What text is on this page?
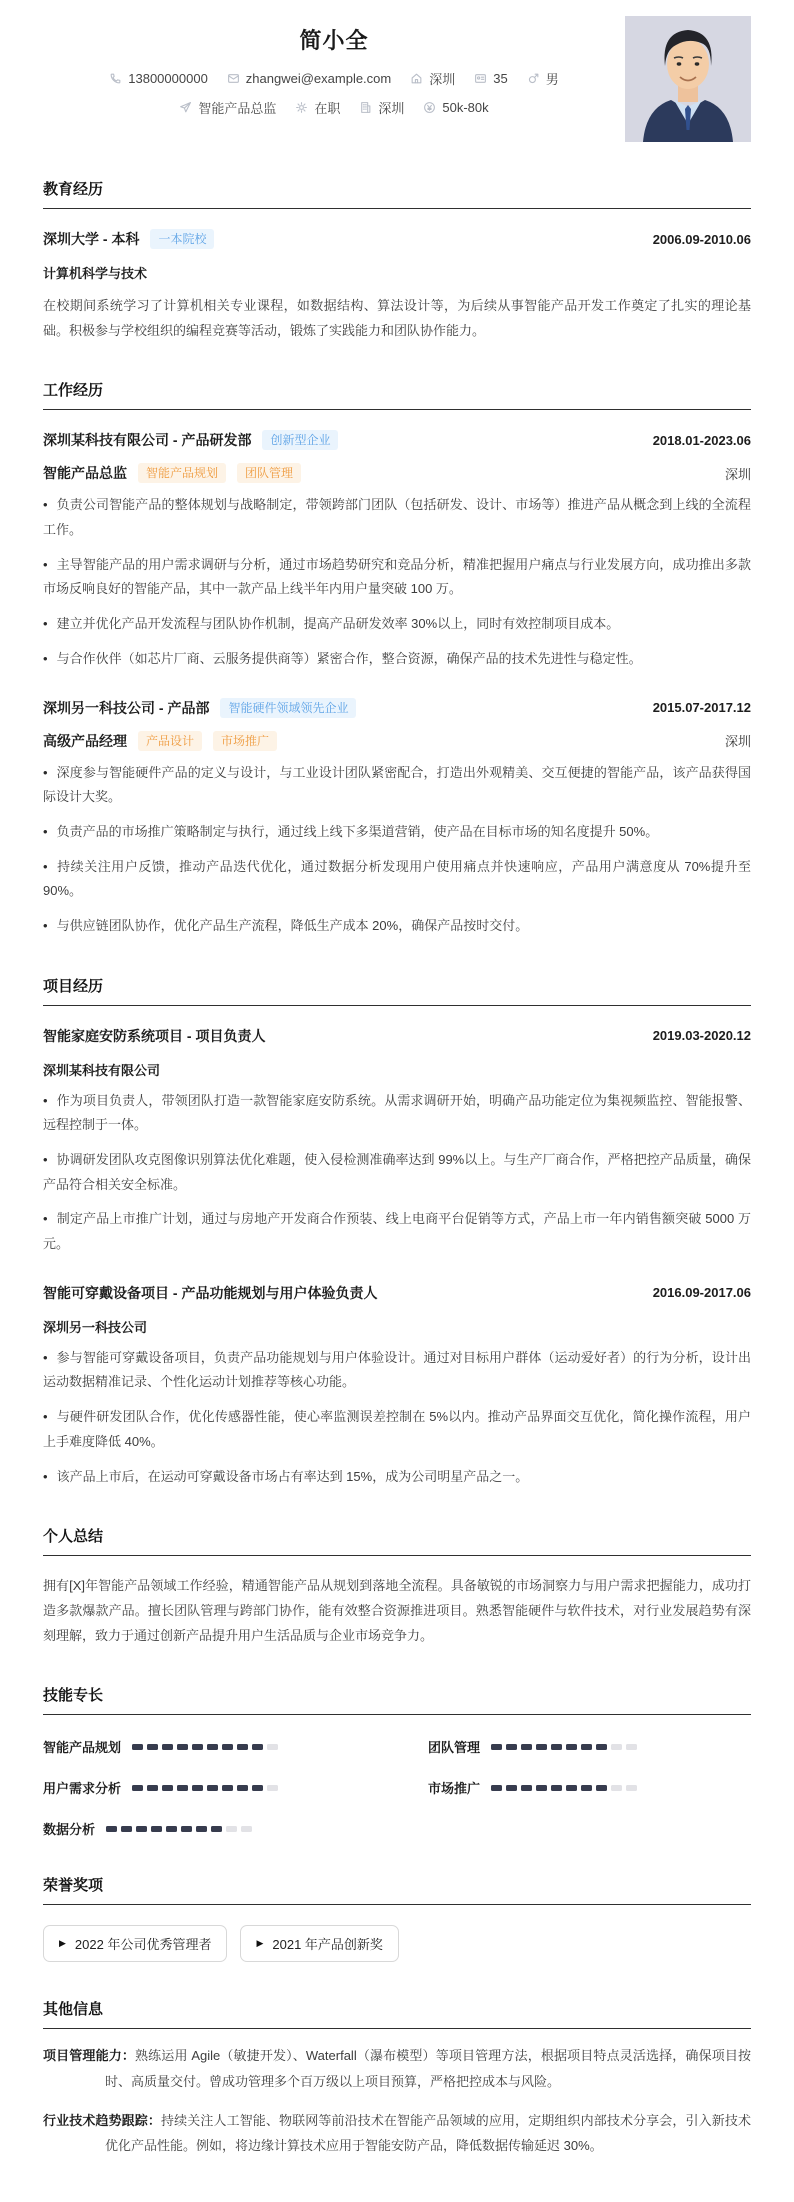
简小全
13800000000	zhangwei@example.com	深圳	35	男
智能产品总监	在职	深圳	50k-80k
教育经历
深圳大学 - 本科	一本院校	2006.09-2010.06
计算机科学与技术

在校期间系统学习了计算机相关专业课程，如数据结构、算法设计等，为后续从事智能产品开发工作奠定了扎实的理论基础。积极参与学校组织的编程竞赛等活动，锻炼了实践能力和团队协作能力。

工作经历
深圳某科技有限公司 - 产品研发部	创新型企业	2018.01-2023.06
智能产品总监	智能产品规划	团队管理	深圳

• 负责公司智能产品的整体规划与战略制定，带领跨部门团队（包括研发、设计、市场等）推进产品从概念到上线的全流程工作。

• 主导智能产品的用户需求调研与分析，通过市场趋势研究和竞品分析，精准把握用户痛点与行业发展方向，成功推出多款市场反响良好的智能产品，其中一款产品上线半年内用户量突破 100 万。

• 建立并优化产品开发流程与团队协作机制，提高产品研发效率 30%以上，同时有效控制项目成本。

• 与合作伙伴（如芯片厂商、云服务提供商等）紧密合作，整合资源，确保产品的技术先进性与稳定性。

深圳另一科技公司 - 产品部	智能硬件领域领先企业	2015.07-2017.12
高级产品经理	产品设计	市场推广	深圳

• 深度参与智能硬件产品的定义与设计，与工业设计团队紧密配合，打造出外观精美、交互便捷的智能产品，该产品获得国际设计大奖。

• 负责产品的市场推广策略制定与执行，通过线上线下多渠道营销，使产品在目标市场的知名度提升 50%。

• 持续关注用户反馈，推动产品迭代优化，通过数据分析发现用户使用痛点并快速响应，产品用户满意度从 70%提升至 90%。

• 与供应链团队协作，优化产品生产流程，降低生产成本 20%，确保产品按时交付。

项目经历
智能家庭安防系统项目 - 项目负责人	2019.03-2020.12
深圳某科技有限公司

• 作为项目负责人，带领团队打造一款智能家庭安防系统。从需求调研开始，明确产品功能定位为集视频监控、智能报警、远程控制于一体。

• 协调研发团队攻克图像识别算法优化难题，使入侵检测准确率达到 99%以上。与生产厂商合作，严格把控产品质量，确保产品符合相关安全标准。

• 制定产品上市推广计划，通过与房地产开发商合作预装、线上电商平台促销等方式，产品上市一年内销售额突破 5000 万元。

智能可穿戴设备项目 - 产品功能规划与用户体验负责人	2016.09-2017.06
深圳另一科技公司

• 参与智能可穿戴设备项目，负责产品功能规划与用户体验设计。通过对目标用户群体（运动爱好者）的行为分析，设计出运动数据精准记录、个性化运动计划推荐等核心功能。

• 与硬件研发团队合作，优化传感器性能，使心率监测误差控制在 5%以内。推动产品界面交互优化，简化操作流程，用户上手难度降低 40%。

• 该产品上市后，在运动可穿戴设备市场占有率达到 15%，成为公司明星产品之一。

个人总结

拥有[X]年智能产品领域工作经验，精通智能产品从规划到落地全流程。具备敏锐的市场洞察力与用户需求把握能力，成功打造多款爆款产品。擅长团队管理与跨部门协作，能有效整合资源推进项目。熟悉智能硬件与软件技术，对行业发展趋势有深刻理解，致力于通过创新产品提升用户生活品质与企业市场竞争力。

技能专长
智能产品规划	团队管理
用户需求分析	市场推广
数据分析
荣誉奖项
▶ 2022 年公司优秀管理者	▶ 2021 年产品创新奖
其他信息

项目管理能力：熟练运用 Agile（敏捷开发）、Waterfall（瀑布模型）等项目管理方法，根据项目特点灵活选择，确保项目按时、高质量交付。曾成功管理多个百万级以上项目预算，严格把控成本与风险。

行业技术趋势跟踪：持续关注人工智能、物联网等前沿技术在智能产品领域的应用，定期组织内部技术分享会，引入新技术优化产品性能。例如，将边缘计算技术应用于智能安防产品，降低数据传输延迟 30%。
